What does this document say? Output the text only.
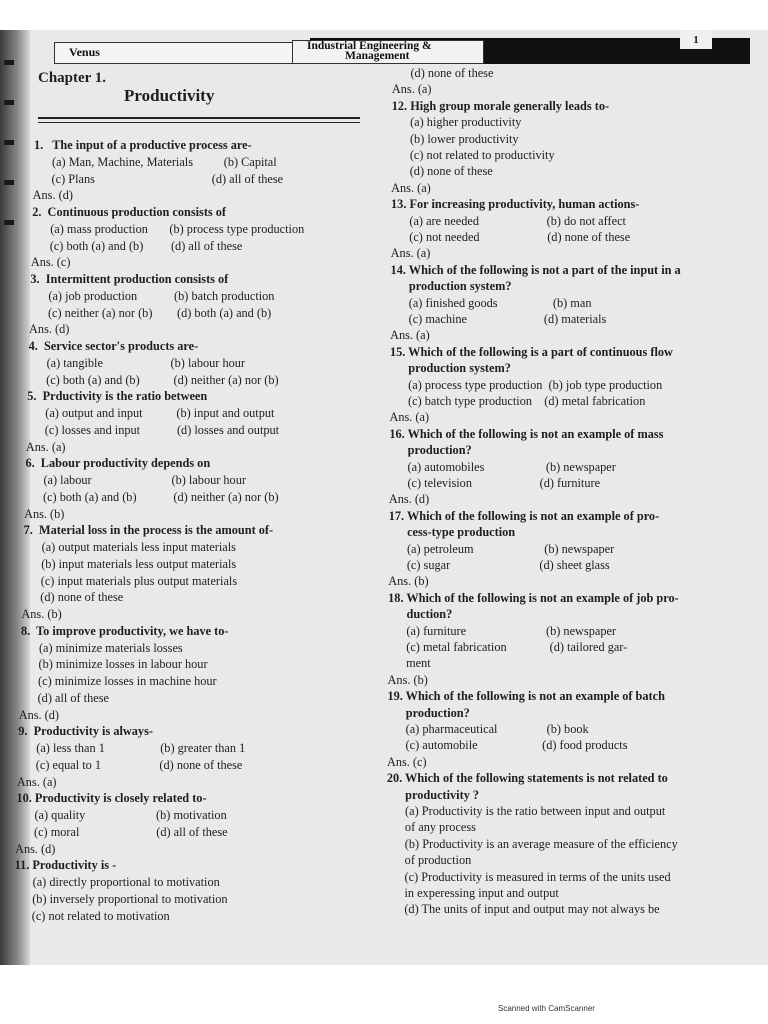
Venus	Industrial Engineering &
Management
1
Chapter 1.
Productivity
1.   The input of a productive process are-
(a) Man, Machine, Materials          (b) Capital
(c) Plans                                      (d) all of these
Ans. (d)
2.  Continuous production consists of
(a) mass production       (b) process type production
(c) both (a) and (b)         (d) all of these
Ans. (c)
3.  Intermittent production consists of
(a) job production            (b) batch production
(c) neither (a) nor (b)        (d) both (a) and (b)
Ans. (d)
4.  Service sector's products are-
(a) tangible                      (b) labour hour
(c) both (a) and (b)           (d) neither (a) nor (b)
5.  Prductivity is the ratio between
(a) output and input           (b) input and output
(c) losses and input            (d) losses and output
Ans. (a)
6.  Labour productivity depends on
(a) labour                          (b) labour hour
(c) both (a) and (b)            (d) neither (a) nor (b)
Ans. (b)
7.  Material loss in the process is the amount of-
(a) output materials less input materials
(b) input materials less output materials
(c) input materials plus output materials
(d) none of these
Ans. (b)
8.  To improve productivity, we have to-
(a) minimize materials losses
(b) minimize losses in labour hour
(c) minimize losses in machine hour
(d) all of these
Ans. (d)
9.  Productivity is always-
(a) less than 1                  (b) greater than 1
(c) equal to 1                   (d) none of these
Ans. (a)
10. Productivity is closely related to-
(a) quality                       (b) motivation
(c) moral                         (d) all of these
Ans. (d)
11. Productivity is -
(a) directly proportional to motivation
(b) inversely proportional to motivation
(c) not related to motivation
(d) none of these
Ans. (a)
12. High group morale generally leads to-
(a) higher productivity
(b) lower productivity
(c) not related to productivity
(d) none of these
Ans. (a)
13. For increasing productivity, human actions-
(a) are needed                      (b) do not affect
(c) not needed                      (d) none of these
Ans. (a)
14. Which of the following is not a part of the input in a
production system?
(a) finished goods                  (b) man
(c) machine                         (d) materials
Ans. (a)
15. Which of the following is a part of continuous flow
production system?
(a) process type production  (b) job type production
(c) batch type production    (d) metal fabrication
Ans. (a)
16. Which of the following is not an example of mass
production?
(a) automobiles                    (b) newspaper
(c) television                      (d) furniture
Ans. (d)
17. Which of the following is not an example of pro-
cess-type production
(a) petroleum                       (b) newspaper
(c) sugar                             (d) sheet glass
Ans. (b)
18. Which of the following is not an example of job pro-
duction?
(a) furniture                          (b) newspaper
(c) metal fabrication              (d) tailored gar-
ment
Ans. (b)
19. Which of the following is not an example of batch
production?
(a) pharmaceutical                (b) book
(c) automobile                     (d) food products
Ans. (c)
20. Which of the following statements is not related to
productivity ?
(a) Productivity is the ratio between input and output
of any process
(b) Productivity is an average measure of the efficiency
of production
(c) Productivity is measured in terms of the units used
in experessing input and output
(d) The units of input and output may not always be
Scanned with CamScanner
